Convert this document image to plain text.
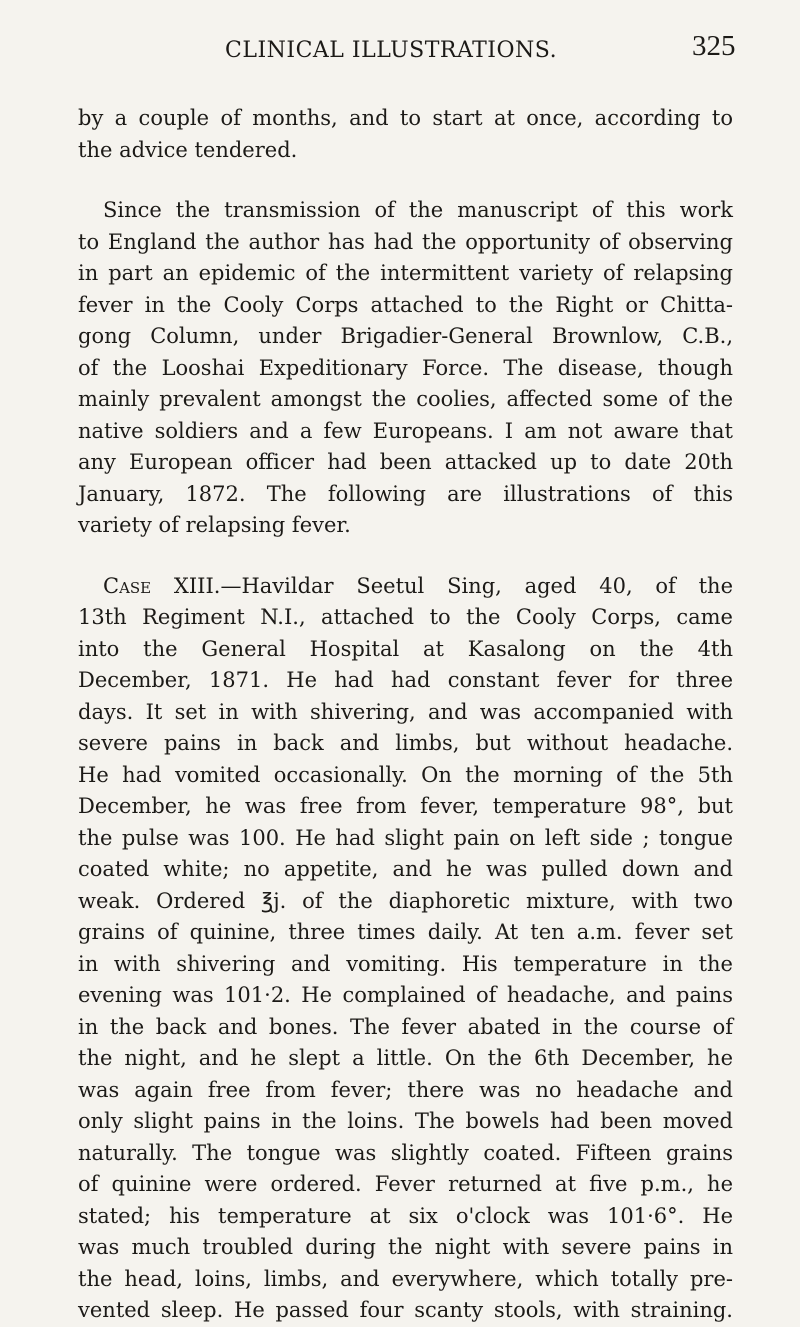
CLINICAL ILLUSTRATIONS.	325
by a couple of months, and to start at once, according to
the advice tendered.
Since the transmission of the manuscript of this work
to England the author has had the opportunity of observing
in part an epidemic of the intermittent variety of relapsing
fever in the Cooly Corps attached to the Right or Chitta-
gong Column, under Brigadier-General Brownlow, C.B.,
of the Looshai Expeditionary Force. The disease, though
mainly prevalent amongst the coolies, affected some of the
native soldiers and a few Europeans. I am not aware that
any European officer had been attacked up to date 20th
January, 1872. The following are illustrations of this
variety of relapsing fever.
Case XIII.—Havildar Seetul Sing, aged 40, of the
13th Regiment N.I., attached to the Cooly Corps, came
into the General Hospital at Kasalong on the 4th
December, 1871. He had had constant fever for three
days. It set in with shivering, and was accompanied with
severe pains in back and limbs, but without headache.
He had vomited occasionally. On the morning of the 5th
December, he was free from fever, temperature 98°, but
the pulse was 100. He had slight pain on left side ; tongue
coated white; no appetite, and he was pulled down and
weak. Ordered ℥j. of the diaphoretic mixture, with two
grains of quinine, three times daily. At ten a.m. fever set
in with shivering and vomiting. His temperature in the
evening was 101·2. He complained of headache, and pains
in the back and bones. The fever abated in the course of
the night, and he slept a little. On the 6th December, he
was again free from fever; there was no headache and
only slight pains in the loins. The bowels had been moved
naturally. The tongue was slightly coated. Fifteen grains
of quinine were ordered. Fever returned at five p.m., he
stated; his temperature at six o'clock was 101·6°. He
was much troubled during the night with severe pains in
the head, loins, limbs, and everywhere, which totally pre-
vented sleep. He passed four scanty stools, with straining.
